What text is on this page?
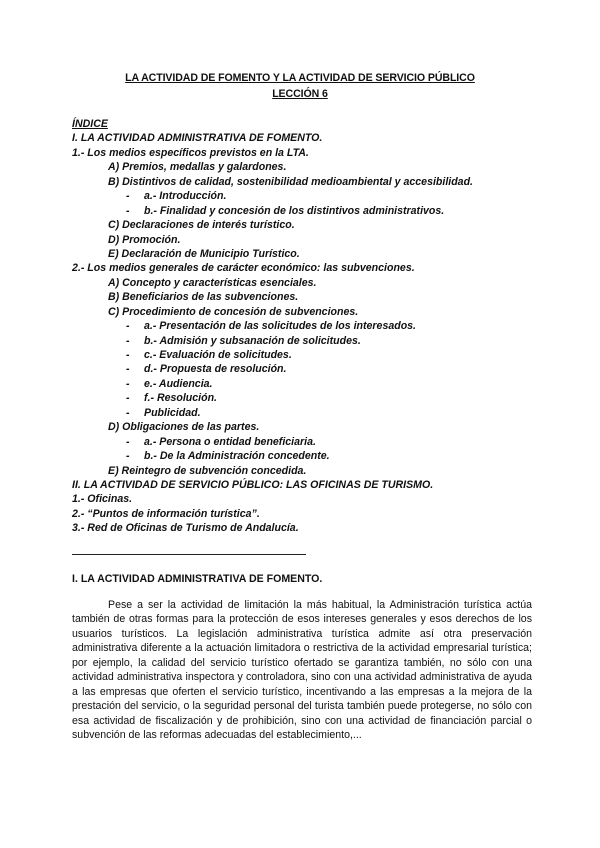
LA ACTIVIDAD DE FOMENTO Y LA ACTIVIDAD DE SERVICIO PÚBLICO
LECCIÓN 6
ÍNDICE
I. LA ACTIVIDAD ADMINISTRATIVA DE FOMENTO.
1.- Los medios específicos previstos en la LTA.
A) Premios, medallas y galardones.
B) Distintivos de calidad, sostenibilidad medioambiental y accesibilidad.
- a.- Introducción.
- b.- Finalidad y concesión de los distintivos administrativos.
C) Declaraciones de interés turístico.
D) Promoción.
E) Declaración de Municipio Turístico.
2.- Los medios generales de carácter económico: las subvenciones.
A) Concepto y características esenciales.
B) Beneficiarios de las subvenciones.
C) Procedimiento de concesión de subvenciones.
- a.- Presentación de las solicitudes de los interesados.
- b.- Admisión y subsanación de solicitudes.
- c.- Evaluación de solicitudes.
- d.- Propuesta de resolución.
- e.- Audiencia.
- f.- Resolución.
- Publicidad.
D) Obligaciones de las partes.
- a.- Persona o entidad beneficiaria.
- b.- De la Administración concedente.
E) Reintegro de subvención concedida.
II. LA ACTIVIDAD DE SERVICIO PÚBLICO: LAS OFICINAS DE TURISMO.
1.- Oficinas.
2.- “Puntos de información turística”.
3.- Red de Oficinas de Turismo de Andalucía.
I. LA ACTIVIDAD ADMINISTRATIVA DE FOMENTO.

Pese a ser la actividad de limitación la más habitual, la Administración turística actúa también de otras formas para la protección de esos intereses generales y esos derechos de los usuarios turísticos. La legislación administrativa turística admite así otra preservación administrativa diferente a la actuación limitadora o restrictiva de la actividad empresarial turística; por ejemplo, la calidad del servicio turístico ofertado se garantiza también, no sólo con una actividad administrativa inspectora y controladora, sino con una actividad administrativa de ayuda a las empresas que oferten el servicio turístico, incentivando a las empresas a la mejora de la prestación del servicio, o la seguridad personal del turista también puede protegerse, no sólo con esa actividad de fiscalización y de prohibición, sino con una actividad de financiación parcial o subvención de las reformas adecuadas del establecimiento,...
